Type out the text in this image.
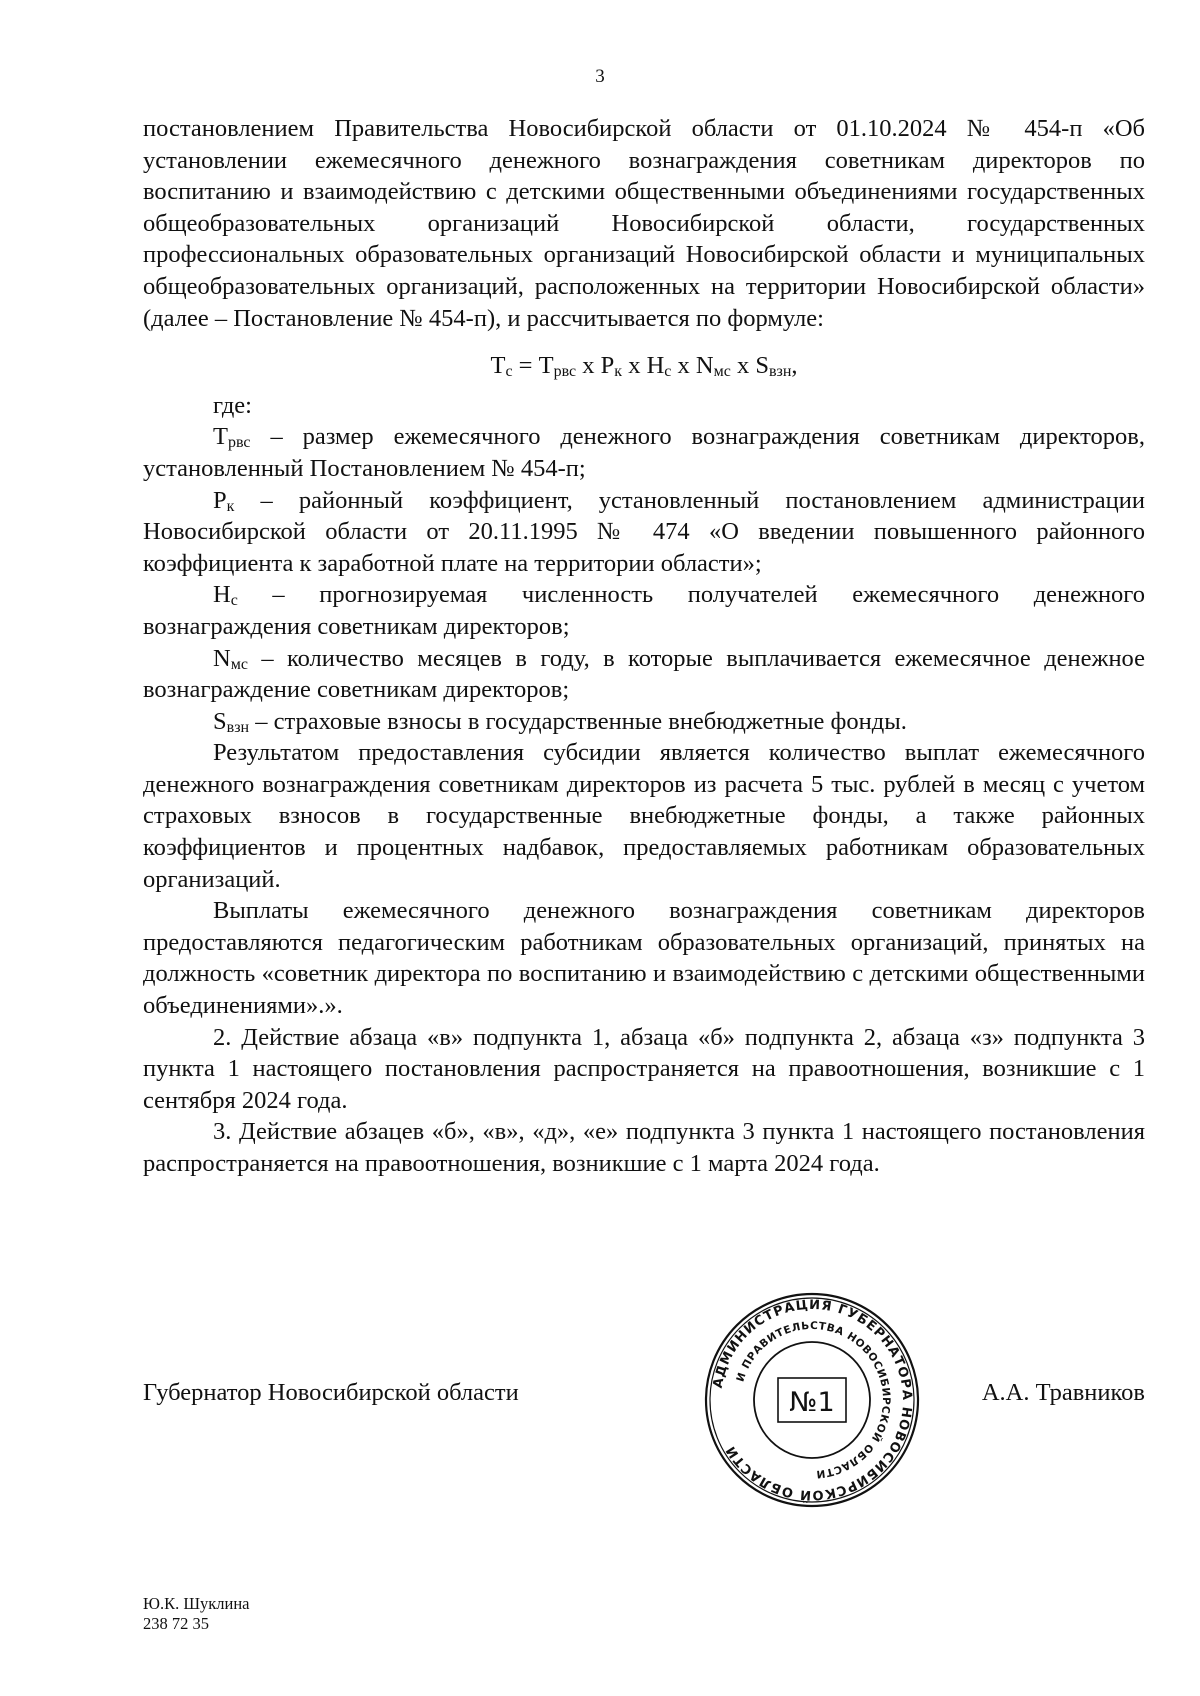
3

постановлением Правительства Новосибирской области от 01.10.2024 № 454-п «Об установлении ежемесячного денежного вознаграждения советникам директоров по воспитанию и взаимодействию с детскими общественными объединениями государственных общеобразовательных организаций Новосибирской области, государственных профессиональных образовательных организаций Новосибирской области и муниципальных общеобразовательных организаций, расположенных на территории Новосибирской области» (далее – Постановление № 454-п), и рассчитывается по формуле:

$Т_с = Т_{рвс}$ х $Р_к$ х $Н_с$ х $N_{мс}$ х $S_{взн}$,

где:

$Т_{рвс}$ – размер ежемесячного денежного вознаграждения советникам директоров, установленный Постановлением № 454-п;

$Р_к$ – районный коэффициент, установленный постановлением администрации Новосибирской области от 20.11.1995 № 474 «О введении повышенного районного коэффициента к заработной плате на территории области»;

$Н_с$ – прогнозируемая численность получателей ежемесячного денежного вознаграждения советникам директоров;

$N_{мс}$ – количество месяцев в году, в которые выплачивается ежемесячное денежное вознаграждение советникам директоров;

$S_{взн}$ – страховые взносы в государственные внебюджетные фонды.

Результатом предоставления субсидии является количество выплат ежемесячного денежного вознаграждения советникам директоров из расчета 5 тыс. рублей в месяц с учетом страховых взносов в государственные внебюджетные фонды, а также районных коэффициентов и процентных надбавок, предоставляемых работникам образовательных организаций.

Выплаты ежемесячного денежного вознаграждения советникам директоров предоставляются педагогическим работникам образовательных организаций, принятых на должность «советник директора по воспитанию и взаимодействию с детскими общественными объединениями».».

2. Действие абзаца «в» подпункта 1, абзаца «б» подпункта 2, абзаца «з» подпункта 3 пункта 1 настоящего постановления распространяется на правоотношения, возникшие с 1 сентября 2024 года.

3. Действие абзацев «б», «в», «д», «е» подпункта 3 пункта 1 настоящего постановления распространяется на правоотношения, возникшие с 1 марта 2024 года.

Губернатор Новосибирской области	АДМИНИСТРАЦИЯ ГУБЕРНАТОРА НОВОСИБИРСКОЙ ОБЛАСТИ
И ПРАВИТЕЛЬСТВА НОВОСИБИРСКОЙ ОБЛАСТИ
№1	А.А. Травников
Ю.К. Шуклина
238 72 35
